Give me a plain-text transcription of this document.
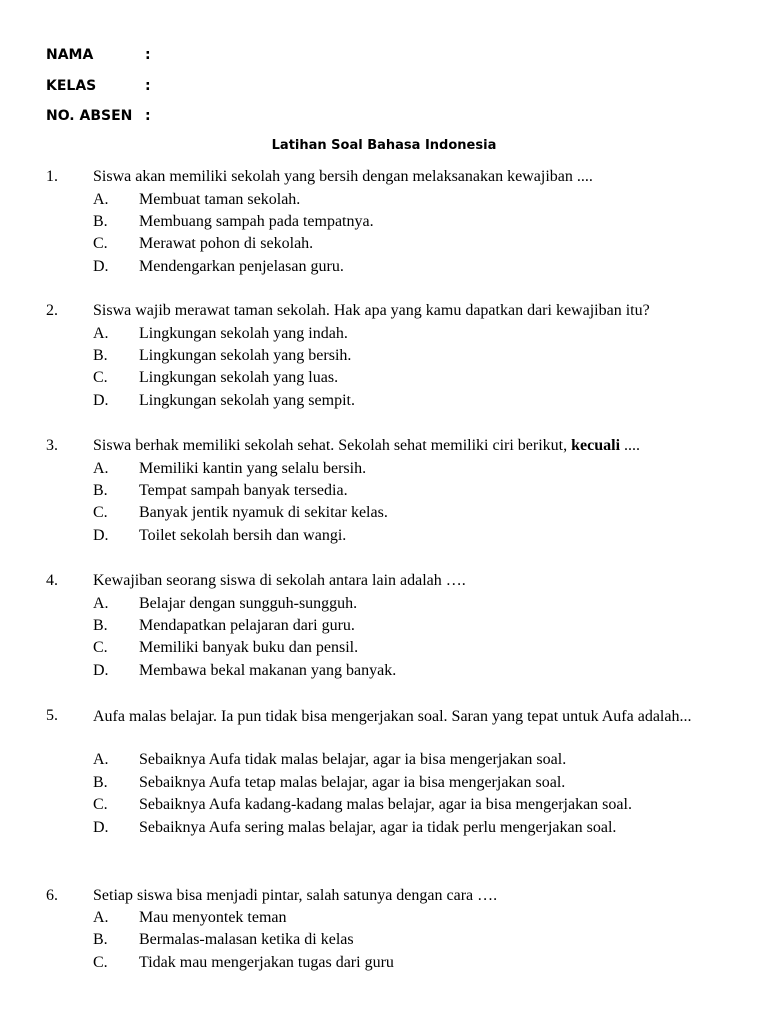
NAMA	:
KELAS	:
NO. ABSEN :
Latihan Soal Bahasa Indonesia
1. Siswa akan memiliki sekolah yang bersih dengan melaksanakan kewajiban ....
A. Membuat taman sekolah.
B. Membuang sampah pada tempatnya.
C. Merawat pohon di sekolah.
D. Mendengarkan penjelasan guru.
2. Siswa wajib merawat taman sekolah. Hak apa yang kamu dapatkan dari kewajiban itu?
A. Lingkungan sekolah yang indah.
B. Lingkungan sekolah yang bersih.
C. Lingkungan sekolah yang luas.
D. Lingkungan sekolah yang sempit.
3. Siswa berhak memiliki sekolah sehat. Sekolah sehat memiliki ciri berikut, kecuali ....
A. Memiliki kantin yang selalu bersih.
B. Tempat sampah banyak tersedia.
C. Banyak jentik nyamuk di sekitar kelas.
D. Toilet sekolah bersih dan wangi.
4. Kewajiban seorang siswa di sekolah antara lain adalah ….
A. Belajar dengan sungguh-sungguh.
B. Mendapatkan pelajaran dari guru.
C. Memiliki banyak buku dan pensil.
D. Membawa bekal makanan yang banyak.
5. Aufa malas belajar. Ia pun tidak bisa mengerjakan soal. Saran yang tepat untuk Aufa adalah...
A. Sebaiknya Aufa tidak malas belajar, agar ia bisa mengerjakan soal.
B. Sebaiknya Aufa tetap malas belajar, agar ia bisa mengerjakan soal.
C. Sebaiknya Aufa kadang-kadang malas belajar, agar ia bisa mengerjakan soal.
D. Sebaiknya Aufa sering malas belajar, agar ia tidak perlu mengerjakan soal.
6. Setiap siswa bisa menjadi pintar, salah satunya dengan cara ….
A. Mau menyontek teman
B. Bermalas-malasan ketika di kelas
C. Tidak mau mengerjakan tugas dari guru
